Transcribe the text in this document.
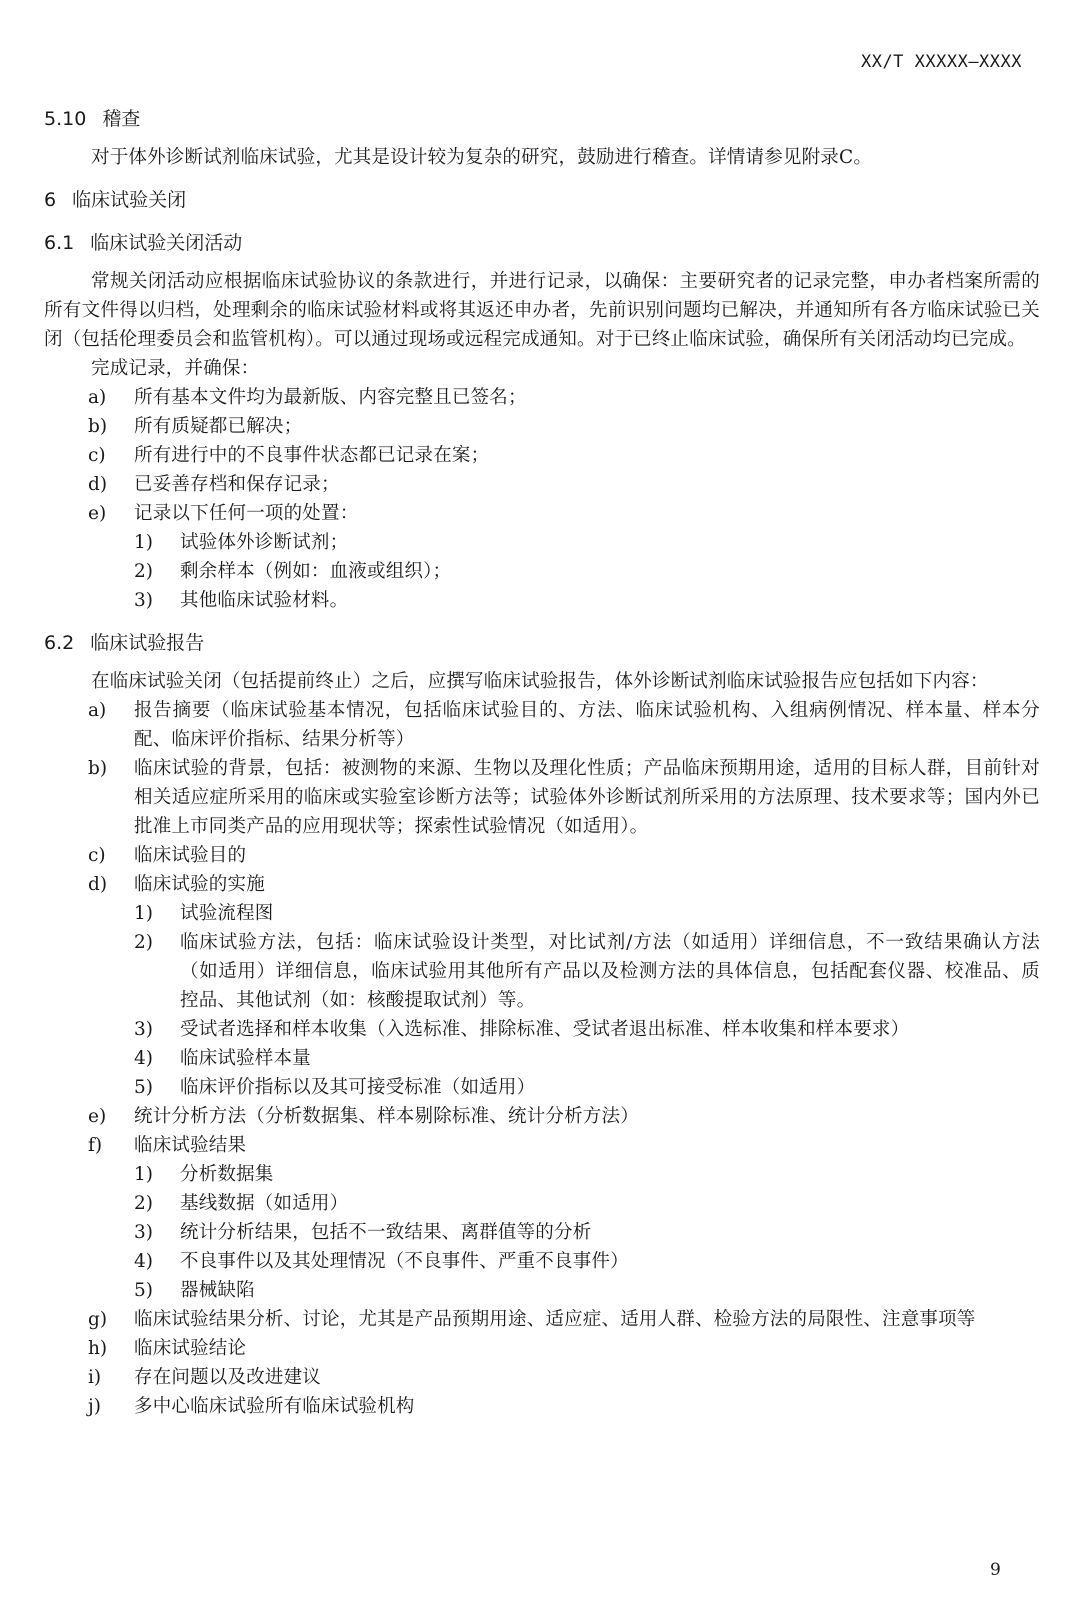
XX/T XXXXX—XXXX
5.10 稽查

对于体外诊断试剂临床试验，尤其是设计较为复杂的研究，鼓励进行稽查。详情请参见附录C。

6 临床试验关闭
6.1 临床试验关闭活动

常规关闭活动应根据临床试验协议的条款进行，并进行记录，以确保：主要研究者的记录完整，申办者档案所需的所有文件得以归档，处理剩余的临床试验材料或将其返还申办者，先前识别问题均已解决，并通知所有各方临床试验已关闭（包括伦理委员会和监管机构）。可以通过现场或远程完成通知。对于已终止临床试验，确保所有关闭活动均已完成。

完成记录，并确保：

a)	所有基本文件均为最新版、内容完整且已签名；
b)	所有质疑都已解决；
c)	所有进行中的不良事件状态都已记录在案；
d)	已妥善存档和保存记录；
e)	记录以下任何一项的处置：
1)	试验体外诊断试剂；
2)	剩余样本（例如：血液或组织）；
3)	其他临床试验材料。
6.2 临床试验报告

在临床试验关闭（包括提前终止）之后，应撰写临床试验报告，体外诊断试剂临床试验报告应包括如下内容：

a)	报告摘要（临床试验基本情况，包括临床试验目的、方法、临床试验机构、入组病例情况、样本量、样本分配、临床评价指标、结果分析等）
b)	临床试验的背景，包括：被测物的来源、生物以及理化性质；产品临床预期用途，适用的目标人群，目前针对相关适应症所采用的临床或实验室诊断方法等；试验体外诊断试剂所采用的方法原理、技术要求等；国内外已批准上市同类产品的应用现状等；探索性试验情况（如适用）。
c)	临床试验目的
d)	临床试验的实施
1)	试验流程图
2)	临床试验方法，包括：临床试验设计类型，对比试剂/方法（如适用）详细信息，不一致结果确认方法（如适用）详细信息，临床试验用其他所有产品以及检测方法的具体信息，包括配套仪器、校准品、质控品、其他试剂（如：核酸提取试剂）等。
3)	受试者选择和样本收集（入选标准、排除标准、受试者退出标准、样本收集和样本要求）
4)	临床试验样本量
5)	临床评价指标以及其可接受标准（如适用）
e)	统计分析方法（分析数据集、样本剔除标准、统计分析方法）
f)	临床试验结果
1)	分析数据集
2)	基线数据（如适用）
3)	统计分析结果，包括不一致结果、离群值等的分析
4)	不良事件以及其处理情况（不良事件、严重不良事件）
5)	器械缺陷
g)	临床试验结果分析、讨论，尤其是产品预期用途、适应症、适用人群、检验方法的局限性、注意事项等
h)	临床试验结论
i)	存在问题以及改进建议
j)	多中心临床试验所有临床试验机构
9
